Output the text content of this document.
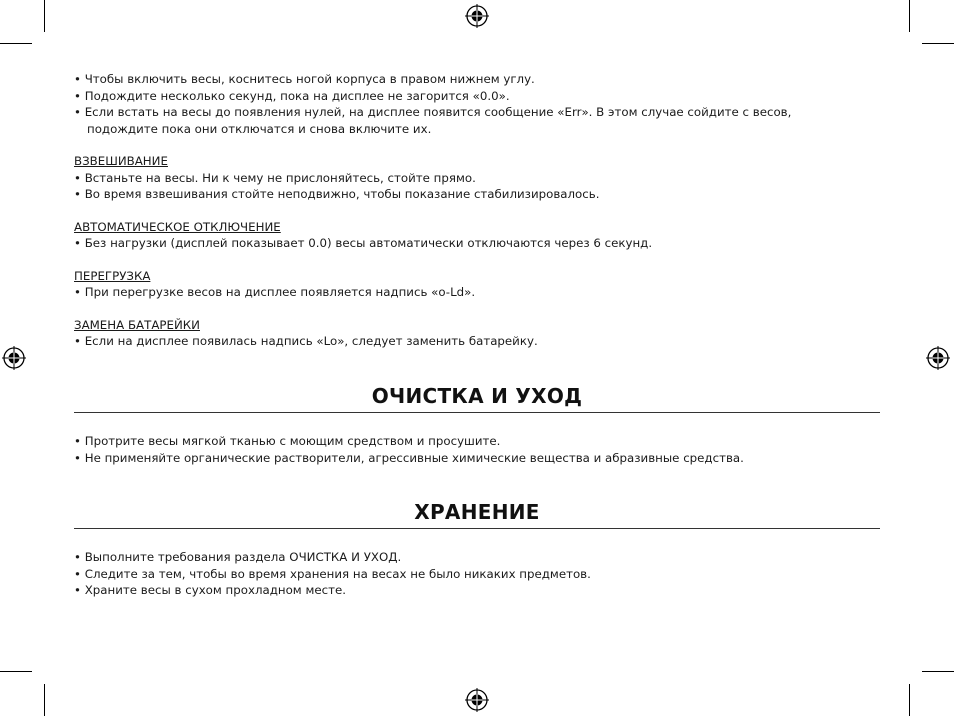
• Чтобы включить весы, коснитесь ногой корпуса в правом нижнем углу.

• Подождите несколько секунд, пока на дисплее не загорится «0.0».

• Если встать на весы до появления нулей, на дисплее появится сообщение «Err». В этом случае сойдите с весов,

подождите пока они отключатся и снова включите их.

ВЗВЕШИВАНИЕ

• Встаньте на весы. Ни к чему не прислоняйтесь, стойте прямо.

• Во время взвешивания стойте неподвижно, чтобы показание стабилизировалось.

АВТОМАТИЧЕСКОЕ ОТКЛЮЧЕНИЕ

• Без нагрузки (дисплей показывает 0.0) весы автоматически отключаются через 6 секунд.

ПЕРЕГРУЗКА

• При перегрузке весов на дисплее появляется надпись «o-Ld».

ЗАМЕНА БАТАРЕЙКИ

• Если на дисплее появилась надпись «Lo», следует заменить батарейку.

ОЧИСТКА И УХОД

• Протрите весы мягкой тканью с моющим средством и просушите.

• Не применяйте органические растворители, агрессивные химические вещества и абразивные средства.

ХРАНЕНИЕ

• Выполните требования раздела ОЧИСТКА И УХОД.

• Следите за тем, чтобы во время хранения на весах не было никаких предметов.

• Храните весы в сухом прохладном месте.
